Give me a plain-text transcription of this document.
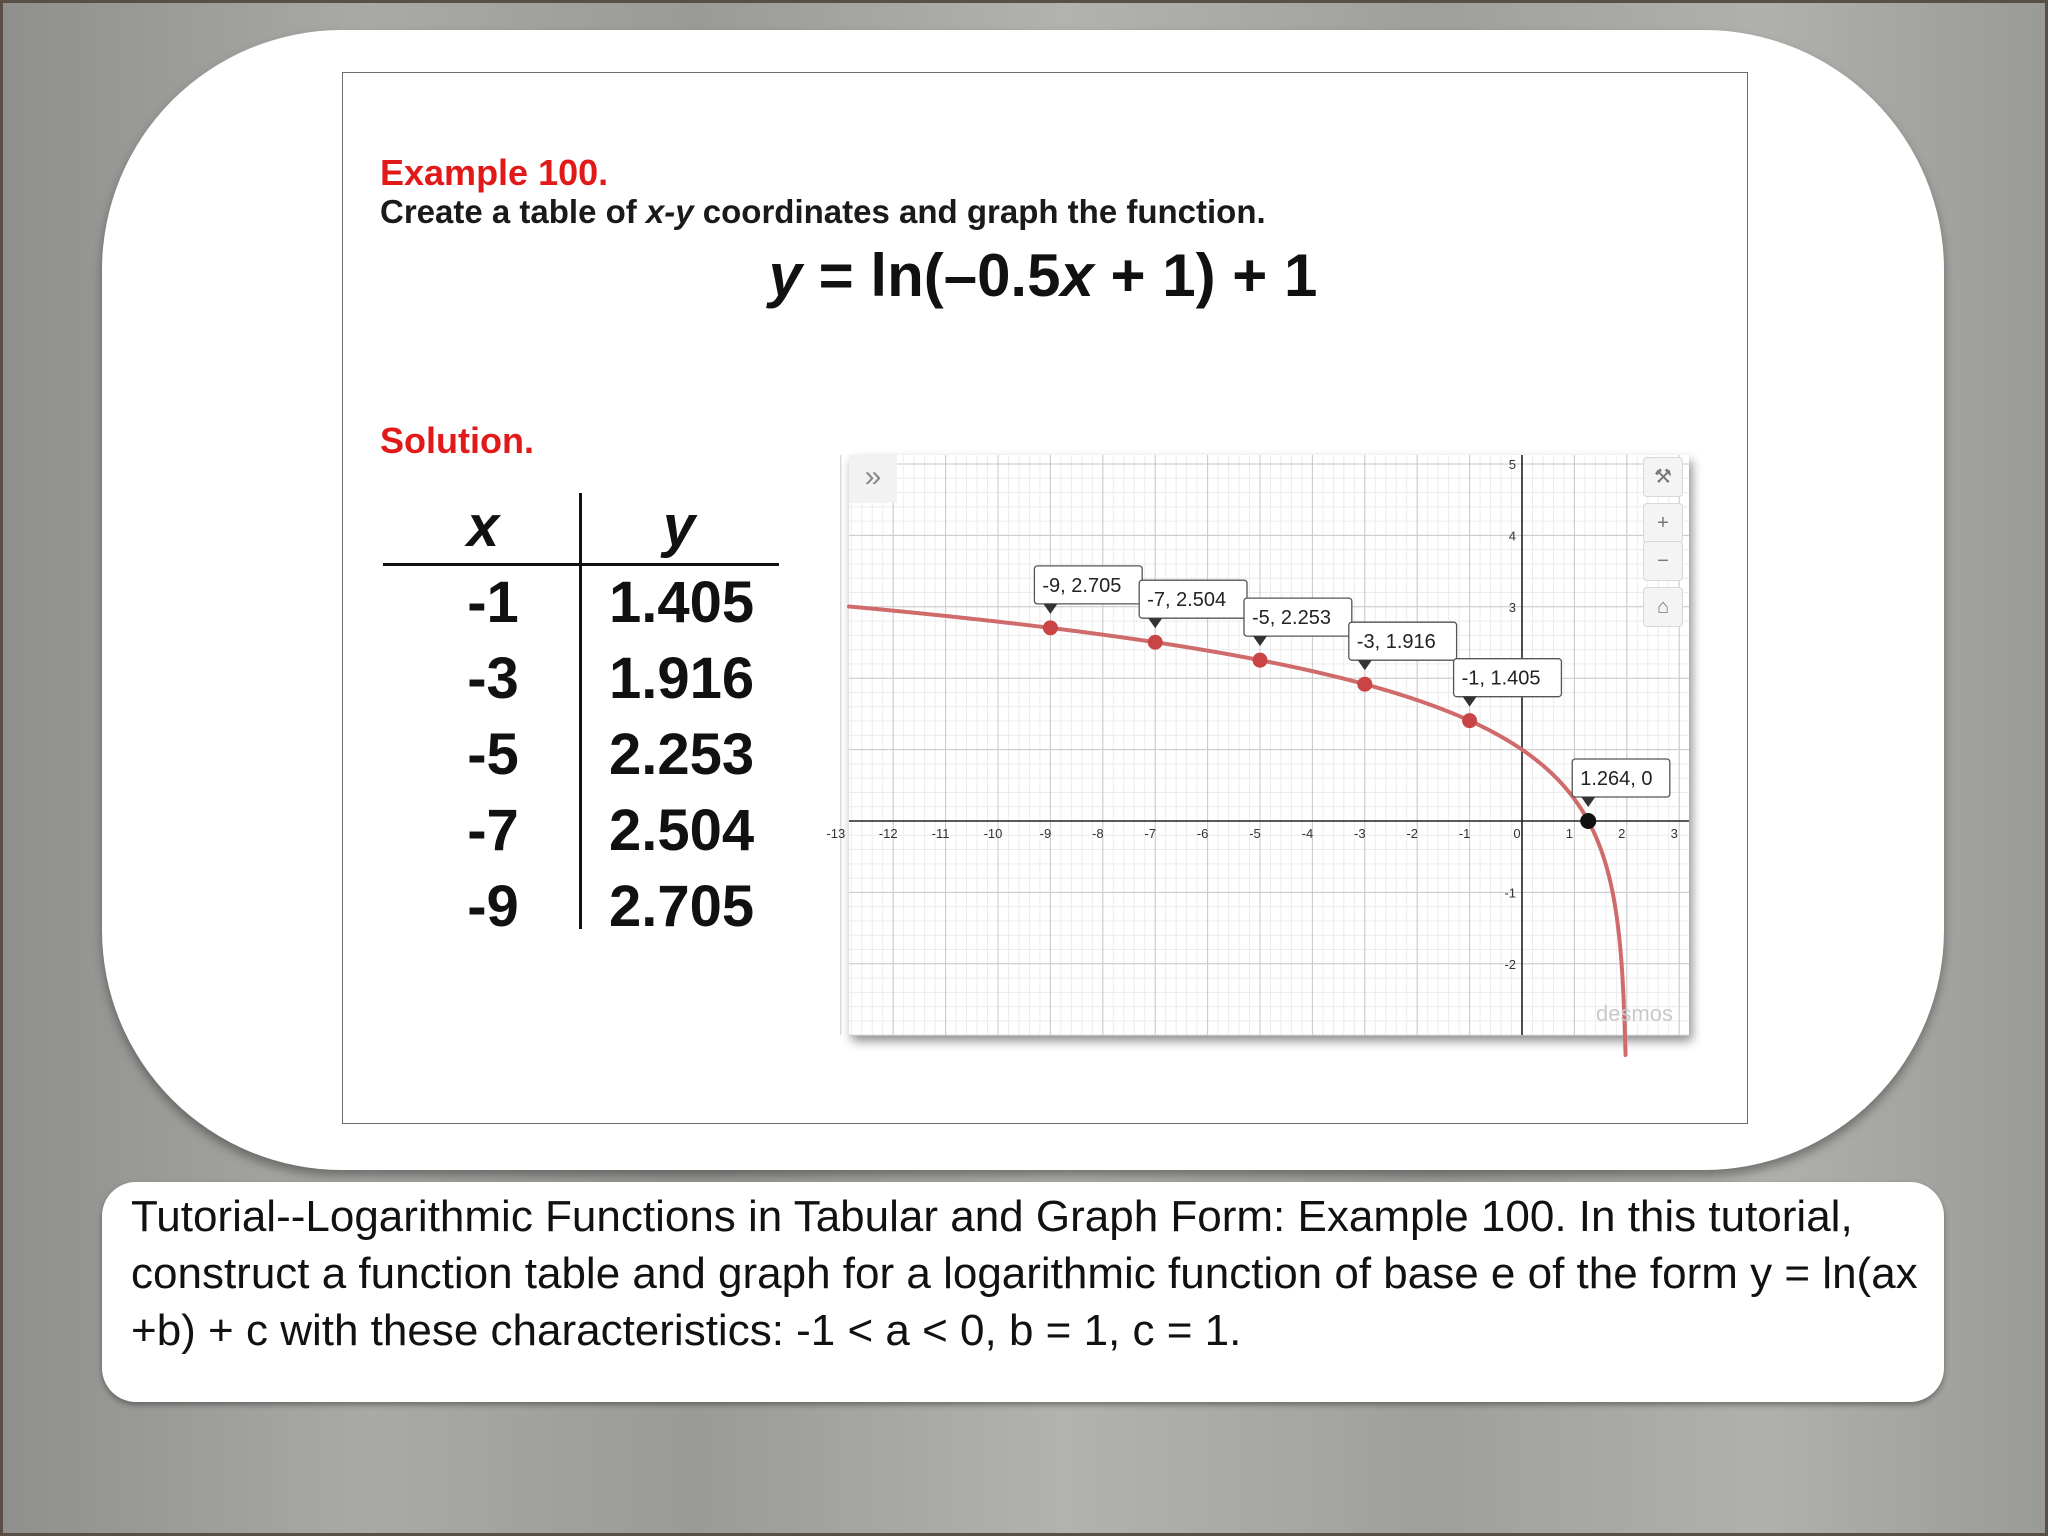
Example 100.
Create a table of x-y coordinates and graph the function.
y = ln(–0.5x + 1) + 1
Solution.
x	y
-1	1.405
-3	1.916
-5	2.253
-7	2.504
-9	2.705
-13	-12	-11	-10	-9	-8	-7	-6	-5	-4	-3	-2	-1	0	1	2	3
-2
-1
3
4
5
-9, 2.705
-7, 2.504
-5, 2.253
-3, 1.916
-1, 1.405
1.264, 0
desmos
»	⚒
+
−
⌂
Tutorial--Logarithmic Functions in Tabular and Graph Form: Example 100. In this tutorial, construct a function table and graph for a logarithmic function of base e of the form y = ln(ax +b) + c with these characteristics: -1 < a < 0, b = 1, c = 1.
